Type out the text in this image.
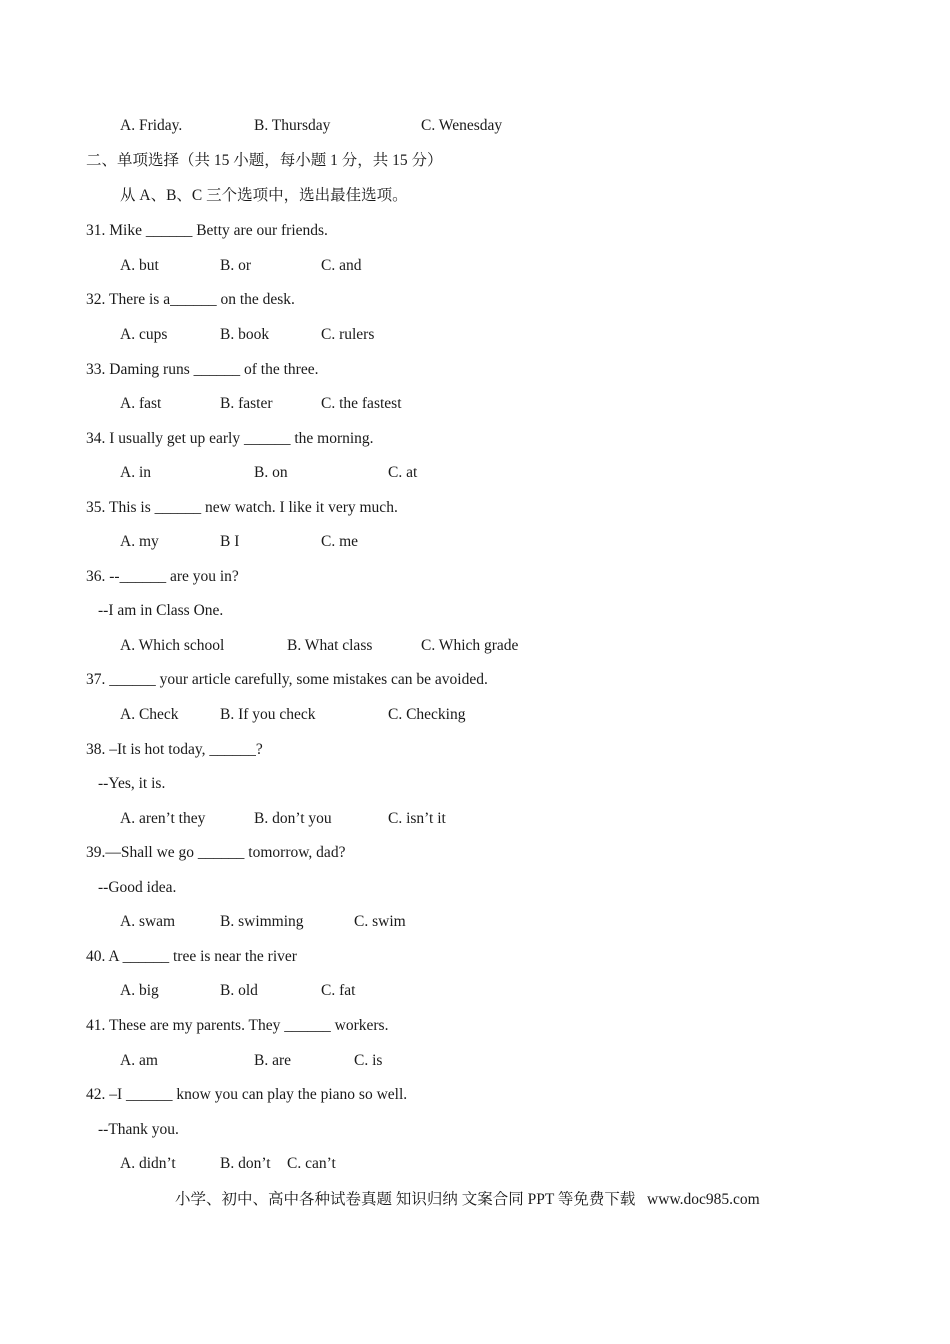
A. Friday.	B. Thursday	C. Wenesday
二、单项选择（共 15 小题，每小题 1 分，共 15 分）
从 A、B、C 三个选项中，选出最佳选项。
31. Mike ______ Betty are our friends.
A. but	B. or	C. and
32. There is a______ on the desk.
A. cups	B. book	C. rulers
33. Daming runs ______ of the three.
A. fast	B. faster	C. the fastest
34. I usually get up early ______ the morning.
A. in	B. on	C. at
35. This is ______ new watch. I like it very much.
A. my	B I	C. me
36. --______ are you in?
--I am in Class One.
A. Which school	B. What class	C. Which grade
37. ______ your article carefully, some mistakes can be avoided.
A. Check	B. If you check	C. Checking
38. –It is hot today, ______?
--Yes, it is.
A. aren’t they	B. don’t you	C. isn’t it
39.—Shall we go ______ tomorrow, dad?
--Good idea.
A. swam	B. swimming	C. swim
40. A ______ tree is near the river
A. big	B. old	C. fat
41. These are my parents. They ______ workers.
A. am	B. are	C. is
42. –I ______ know you can play the piano so well.
--Thank you.
A. didn’t	B. don’t C. can’t
小学、初中、高中各种试卷真题 知识归纳 文案合同 PPT 等免费下载   www.doc985.com
